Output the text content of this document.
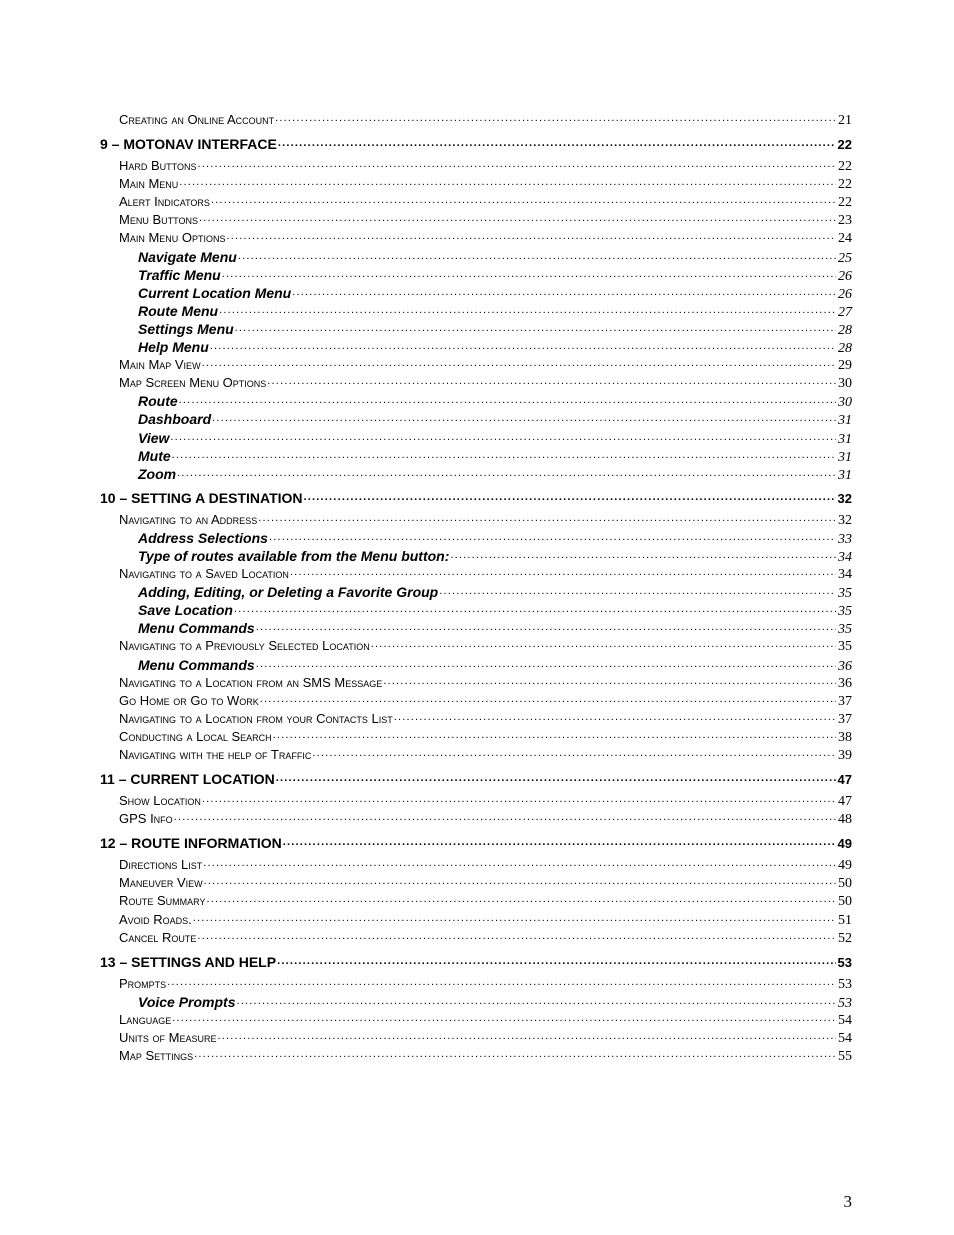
Creating an Online Account .....	21
9 – MOTONAV INTERFACE .....	22
Hard Buttons .....	22
Main Menu .....	22
Alert Indicators .....	22
Menu Buttons .....	23
Main Menu Options .....	24
Navigate Menu .....	25
Traffic Menu .....	26
Current Location Menu .....	26
Route Menu .....	27
Settings Menu .....	28
Help Menu .....	28
Main Map View .....	29
Map Screen Menu Options .....	30
Route .....	30
Dashboard .....	31
View .....	31
Mute .....	31
Zoom .....	31
10 – SETTING A DESTINATION .....	32
Navigating to an Address .....	32
Address Selections .....	33
Type of routes available from the Menu button: .....	34
Navigating to a Saved Location .....	34
Adding, Editing, or Deleting a Favorite Group .....	35
Save Location .....	35
Menu Commands .....	35
Navigating to a Previously Selected Location .....	35
Menu Commands .....	36
Navigating to a Location from an SMS Message .....	36
Go Home or Go to Work .....	37
Navigating to a Location from your Contacts List .....	37
Conducting a Local Search .....	38
Navigating with the help of Traffic .....	39
11 – CURRENT LOCATION .....	47
Show Location .....	47
GPS Info .....	48
12 – ROUTE INFORMATION .....	49
Directions List .....	49
Maneuver View .....	50
Route Summary .....	50
Avoid Roads. .....	51
Cancel Route .....	52
13 – SETTINGS AND HELP .....	53
Prompts .....	53
Voice Prompts .....	53
Language .....	54
Units of Measure .....	54
Map Settings .....	55
3
